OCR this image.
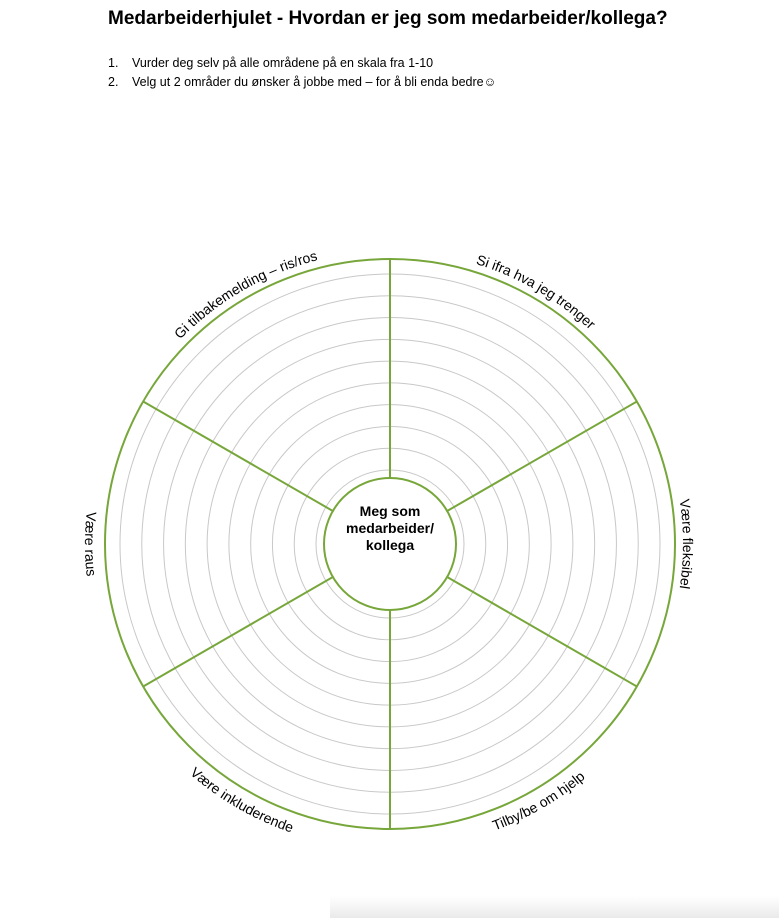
Medarbeiderhjulet - Hvordan er jeg som medarbeider/kollega?
1. Vurder deg selv på alle områdene på en skala fra 1-10
2. Velg ut 2 områder du ønsker å jobbe med – for å bli enda bedre☺
Meg som
medarbeider/
kollega
Si ifra hva jeg trenger
Være fleksibel
Tilby/be om hjelp
Være inkluderende
Være raus
Gi tilbakemelding – ris/ros
